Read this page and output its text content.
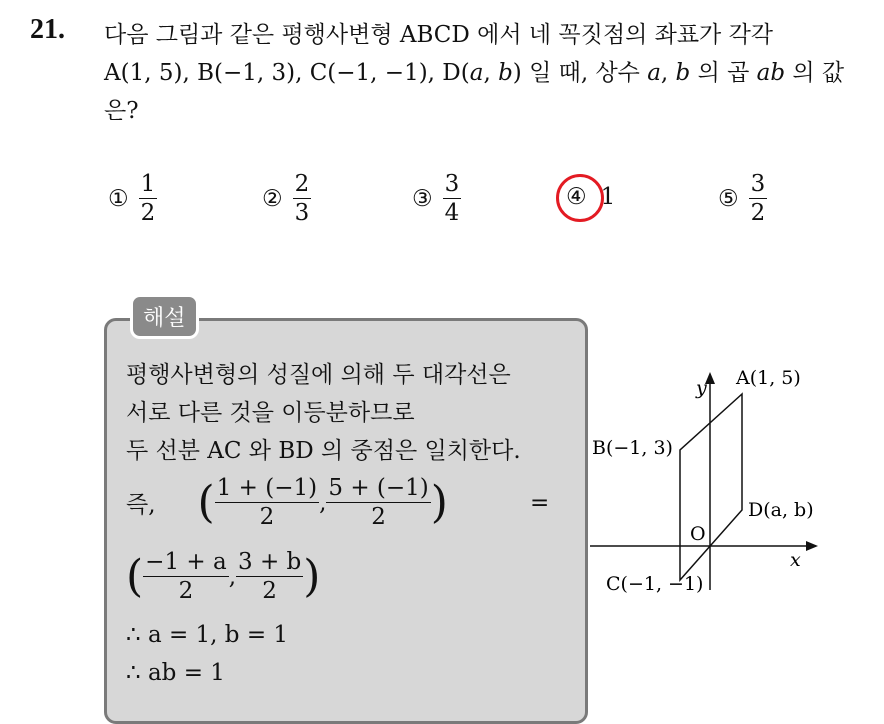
21. 다음 그림과 같은 평행사변형 ABCD 에서 네 꼭짓점의 좌표가 각각
A(1, 5), B(−1, 3), C(−1, −1), D(a, b) 일 때, 상수 a, b 의 곱 ab 의 값
은?
① $\frac{1}{2}$	② $\frac{2}{3}$	③ $\frac{3}{4}$	④ 1	⑤ $\frac{3}{2}$
해설
평행사변형의 성질에 의해 두 대각선은
서로 다른 것을 이등분하므로
두 선분 AC 와 BD 의 중점은 일치한다.
즉, ( $\frac{1 + (-1)}{2}$ , $\frac{5 + (-1)}{2}$ )	=
( $\frac{-1 + a}{2}$ , $\frac{3 + b}{2}$ )
∴ a = 1, b = 1
∴ ab = 1
A(1, 5)
B(−1, 3)
C(−1, −1)
D(a, b)
O
x
y
